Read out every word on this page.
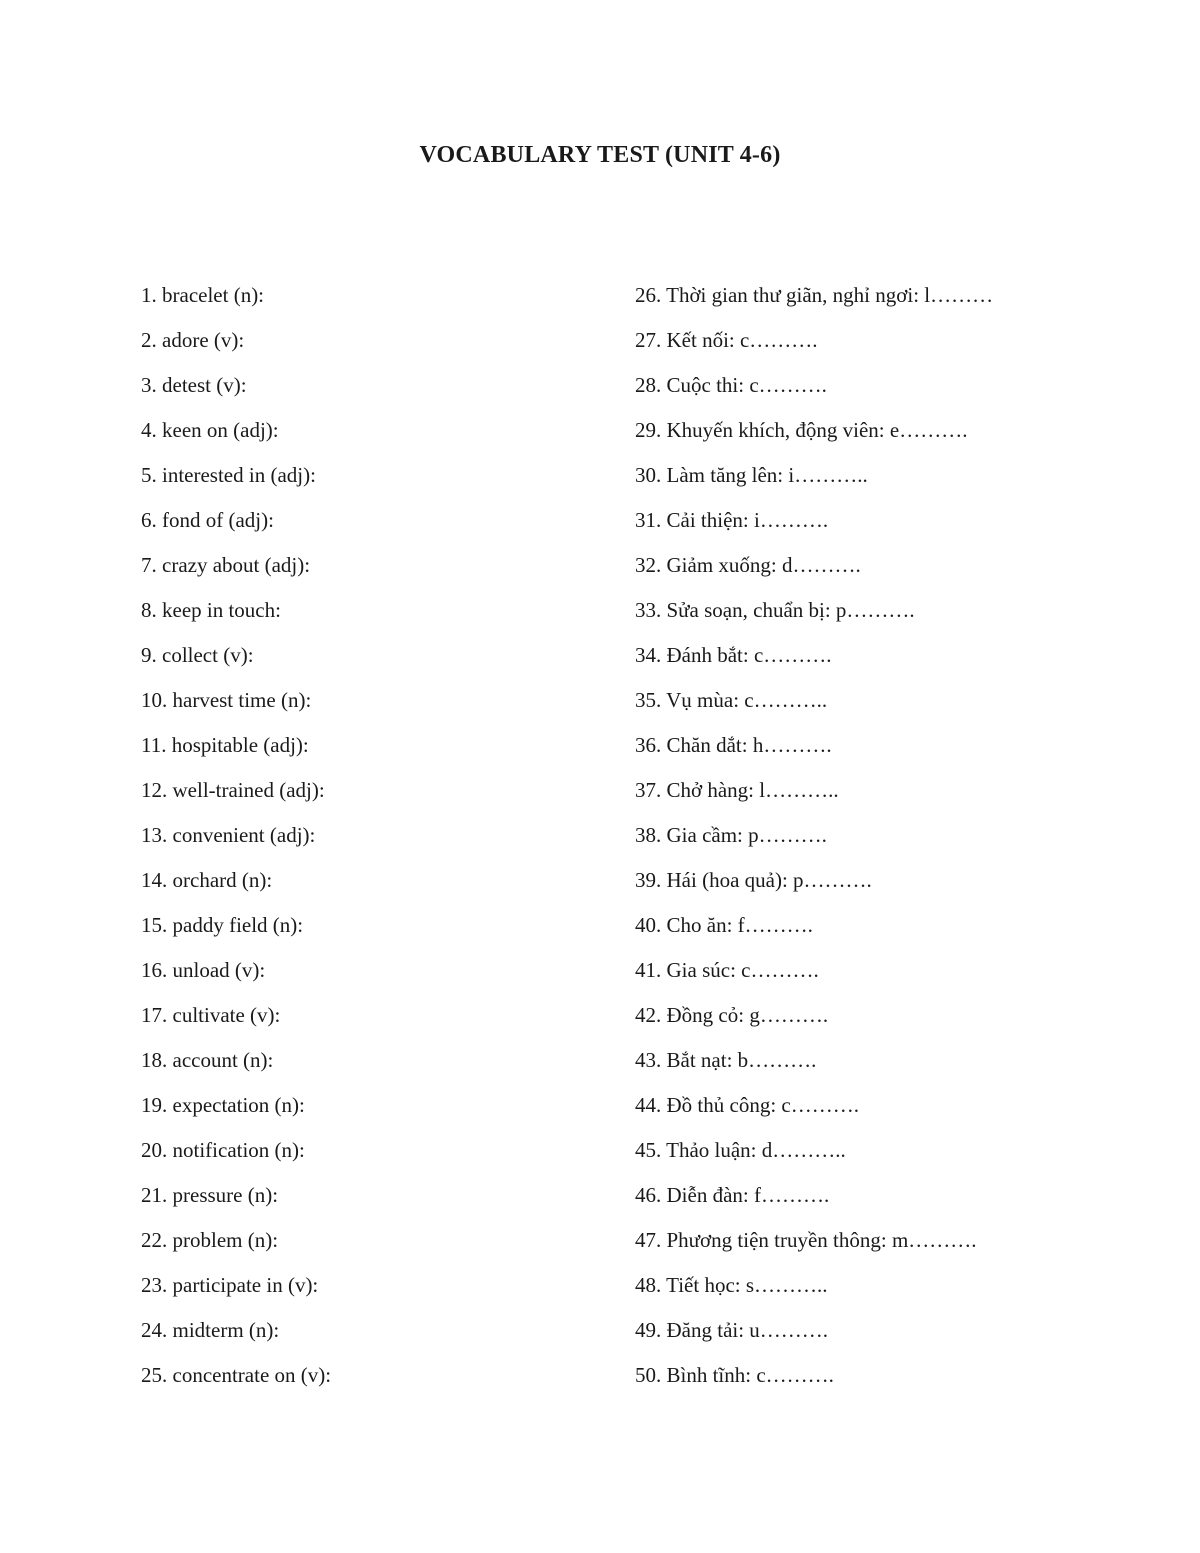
VOCABULARY TEST (UNIT 4-6)
1. bracelet (n):
2. adore (v):
3. detest (v):
4. keen on (adj):
5. interested in (adj):
6. fond of (adj):
7. crazy about (adj):
8. keep in touch:
9. collect (v):
10. harvest time (n):
11. hospitable (adj):
12. well-trained (adj):
13. convenient (adj):
14. orchard (n):
15. paddy field (n):
16. unload (v):
17. cultivate (v):
18. account (n):
19. expectation (n):
20. notification (n):
21. pressure (n):
22. problem (n):
23. participate in (v):
24. midterm (n):
25. concentrate on (v):
26. Thời gian thư giãn, nghỉ ngơi: l………
27. Kết nối: c……….
28. Cuộc thi: c……….
29. Khuyến khích, động viên: e……….
30. Làm tăng lên: i………..
31. Cải thiện: i……….
32. Giảm xuống: d……….
33. Sửa soạn, chuẩn bị: p……….
34. Đánh bắt: c……….
35. Vụ mùa: c………..
36. Chăn dắt: h……….
37. Chở hàng: l………..
38. Gia cầm: p……….
39. Hái (hoa quả): p……….
40. Cho ăn: f……….
41. Gia súc: c……….
42. Đồng cỏ: g……….
43. Bắt nạt: b……….
44. Đồ thủ công: c……….
45. Thảo luận: d………..
46. Diễn đàn: f……….
47. Phương tiện truyền thông: m……….
48. Tiết học: s………..
49. Đăng tải: u……….
50. Bình tĩnh: c……….
